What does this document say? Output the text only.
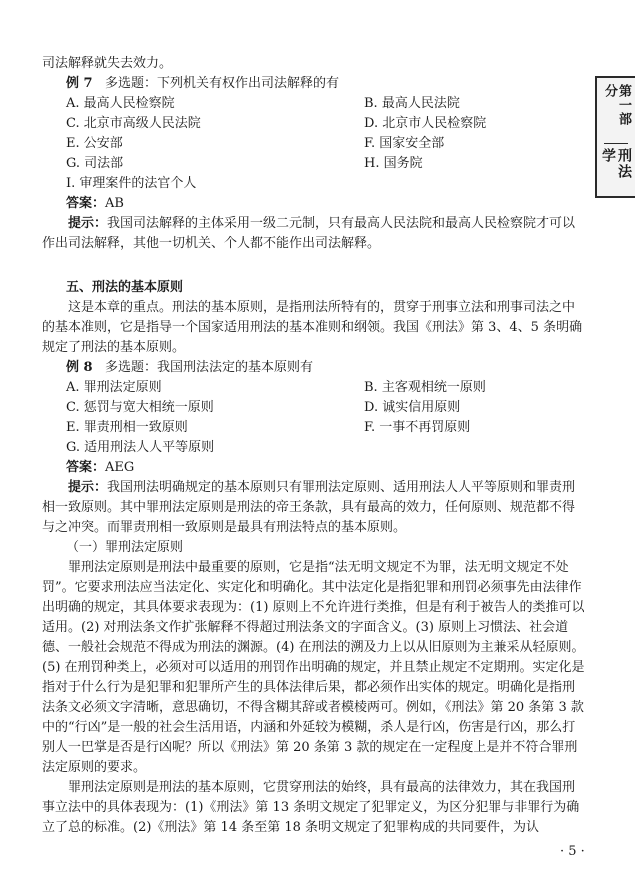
司法解释就失去效力。

例 7 多选题：下列机关有权作出司法解释的有

A. 最高人民检察院	B. 最高人民法院
C. 北京市高级人民法院	D. 北京市人民检察院
E. 公安部	F. 国家安全部
G. 司法部	H. 国务院

I. 审理案件的法官个人

答案：AB

提示：我国司法解释的主体采用一级二元制，只有最高人民法院和最高人民检察院才可以作出司法解释，其他一切机关、个人都不能作出司法解释。

五、刑法的基本原则

这是本章的重点。刑法的基本原则，是指刑法所特有的，贯穿于刑事立法和刑事司法之中的基本准则，它是指导一个国家适用刑法的基本准则和纲领。我国《刑法》第 3、4、5 条明确规定了刑法的基本原则。

例 8 多选题：我国刑法法定的基本原则有

A. 罪刑法定原则	B. 主客观相统一原则
C. 惩罚与宽大相统一原则	D. 诚实信用原则
E. 罪责刑相一致原则	F. 一事不再罚原则

G. 适用刑法人人平等原则

答案：AEG

提示：我国刑法明确规定的基本原则只有罪刑法定原则、适用刑法人人平等原则和罪责刑相一致原则。其中罪刑法定原则是刑法的帝王条款，具有最高的效力，任何原则、规范都不得与之冲突。而罪责刑相一致原则是最具有刑法特点的基本原则。

（一）罪刑法定原则

罪刑法定原则是刑法中最重要的原则，它是指“法无明文规定不为罪，法无明文规定不处罚”。它要求刑法应当法定化、实定化和明确化。其中法定化是指犯罪和刑罚必须事先由法律作出明确的规定，其具体要求表现为：(1) 原则上不允许进行类推，但是有利于被告人的类推可以适用。(2) 对刑法条文作扩张解释不得超过刑法条文的字面含义。(3) 原则上习惯法、社会道德、一般社会规范不得成为刑法的渊源。(4) 在刑法的溯及力上以从旧原则为主兼采从轻原则。(5) 在刑罚种类上，必须对可以适用的刑罚作出明确的规定，并且禁止规定不定期刑。实定化是指对于什么行为是犯罪和犯罪所产生的具体法律后果，都必须作出实体的规定。明确化是指刑法条文必须文字清晰，意思确切，不得含糊其辞或者模棱两可。例如，《刑法》第 20 条第 3 款中的“行凶”是一般的社会生活用语，内涵和外延较为模糊，杀人是行凶，伤害是行凶，那么打别人一巴掌是否是行凶呢？所以《刑法》第 20 条第 3 款的规定在一定程度上是并不符合罪刑法定原则的要求。

罪刑法定原则是刑法的基本原则，它贯穿刑法的始终，具有最高的法律效力，其在我国刑事立法中的具体表现为：(1)《刑法》第 13 条明文规定了犯罪定义，为区分犯罪与非罪行为确立了总的标准。(2)《刑法》第 14 条至第 18 条明文规定了犯罪构成的共同要件，为认

第一部分
刑法学
· 5 ·
